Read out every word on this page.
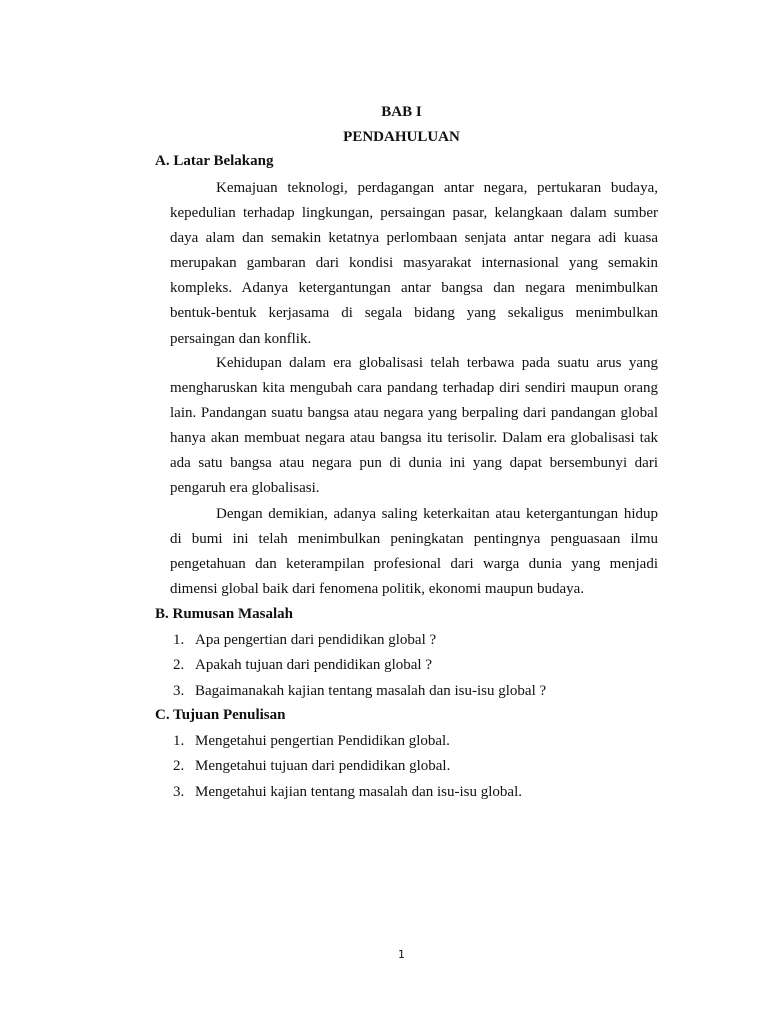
BAB I

PENDAHULUAN

A. Latar Belakang

Kemajuan teknologi, perdagangan antar negara, pertukaran budaya, kepedulian terhadap lingkungan, persaingan pasar, kelangkaan dalam sumber daya alam dan semakin ketatnya perlombaan senjata antar negara adi kuasa merupakan gambaran dari kondisi masyarakat internasional yang semakin kompleks. Adanya ketergantungan antar bangsa dan negara menimbulkan bentuk-bentuk kerjasama di segala bidang yang sekaligus menimbulkan persaingan dan konflik.

Kehidupan dalam era globalisasi telah terbawa pada suatu arus yang mengharuskan kita mengubah cara pandang terhadap diri sendiri maupun orang lain. Pandangan suatu bangsa atau negara yang berpaling dari pandangan global hanya akan membuat negara atau bangsa itu terisolir. Dalam era globalisasi tak ada satu bangsa atau negara pun di dunia ini yang dapat bersembunyi dari pengaruh era globalisasi.

Dengan demikian, adanya saling keterkaitan atau ketergantungan hidup di bumi ini telah menimbulkan peningkatan pentingnya penguasaan ilmu pengetahuan dan keterampilan profesional dari warga dunia yang menjadi dimensi global baik dari fenomena politik, ekonomi maupun budaya.

B. Rumusan Masalah

1. Apa pengertian dari pendidikan global ?
2. Apakah tujuan dari pendidikan global ?
3. Bagaimanakah kajian tentang masalah dan isu-isu global ?

C. Tujuan Penulisan

1. Mengetahui pengertian Pendidikan global.
2. Mengetahui tujuan dari pendidikan global.
3. Mengetahui kajian tentang masalah dan isu-isu global.

1
